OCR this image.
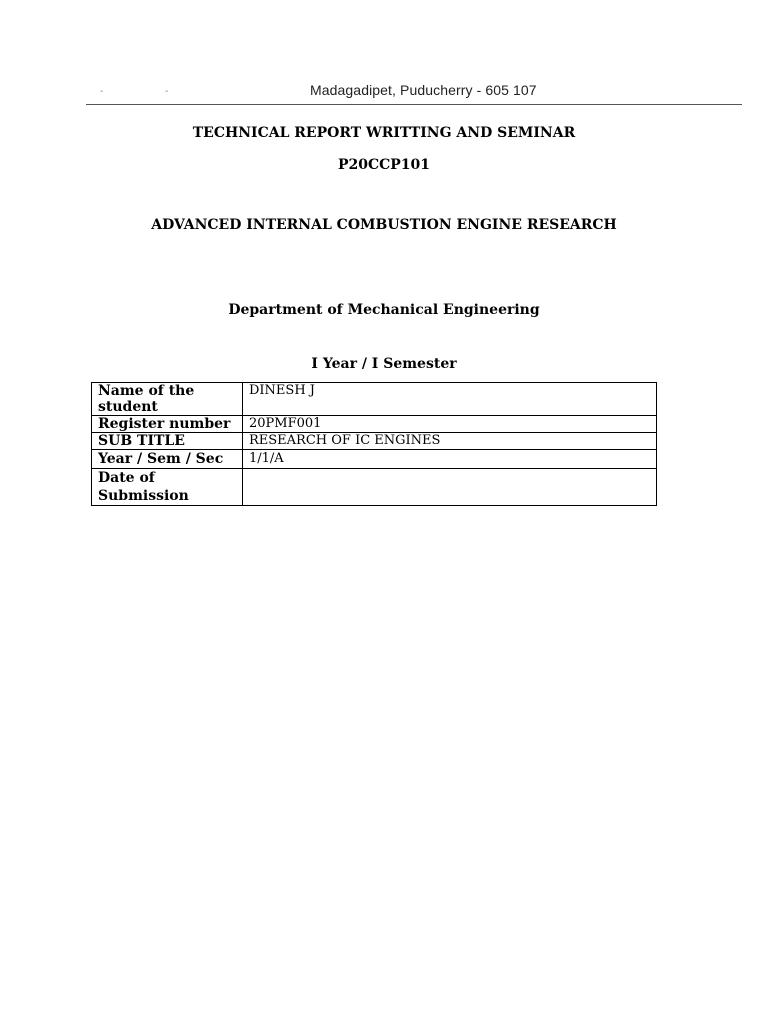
-	-	Madagadipet, Puducherry - 605 107
TECHNICAL REPORT WRITTING AND SEMINAR
P20CCP101
ADVANCED INTERNAL COMBUSTION ENGINE RESEARCH
Department of Mechanical Engineering
I Year / I Semester
Name of the student	DINESH J
Register number	20PMF001
SUB TITLE	RESEARCH OF IC ENGINES
Year / Sem / Sec	1/1/A
Date of Submission	
